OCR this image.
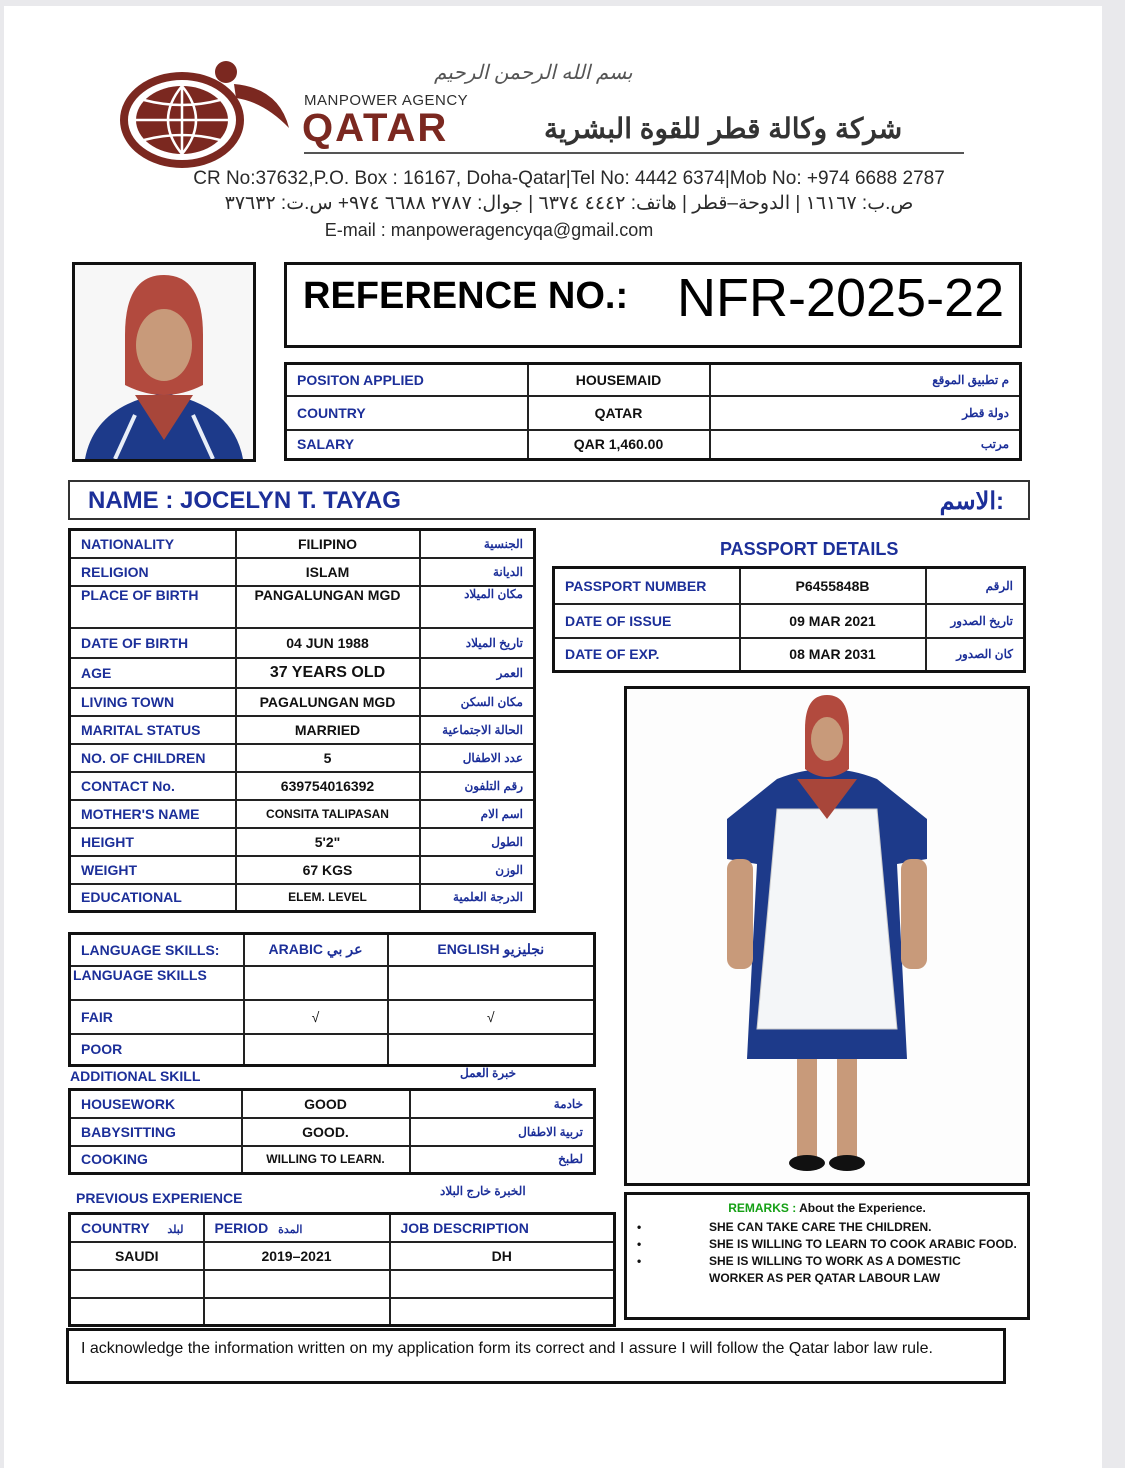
بسم الله الرحمن الرحيم
MANPOWER AGENCY
QATAR	شركة وكالة قطر للقوة البشرية
CR No:37632,P.O. Box : 16167, Doha-Qatar|Tel No: 4442 6374|Mob No: +974 6688 2787
ص.ب: ١٦١٦٧ | الدوحة–قطر | هاتف: ٤٤٤٢ ٦٣٧٤ | جوال: ٢٧٨٧ ٦٦٨٨ ٩٧٤+ س.ت: ٣٧٦٣٢
E-mail : manpoweragencyqa@gmail.com
REFERENCE NO.: NFR-2025-22
POSITON APPLIED	HOUSEMAID	م تطبيق الموقع
COUNTRY	QATAR	دولة قطر
SALARY	QAR 1,460.00	مرتب
NAME : JOCELYN T. TAYAG	الاسم:
NATIONALITY	FILIPINO	الجنسية
RELIGION	ISLAM	الديانة
PLACE OF BIRTH	PANGALUNGAN MGD	مكان الميلاد
DATE OF BIRTH	04 JUN 1988	تاريخ الميلاد
AGE	37 YEARS OLD	العمر
LIVING TOWN	PAGALUNGAN MGD	مكان السكن
MARITAL STATUS	MARRIED	الحالة الاجتماعية
NO. OF CHILDREN	5	عدد الاطفال
CONTACT No.	639754016392	رقم التلفون
MOTHER'S NAME	CONSITA TALIPASAN	اسم الام
HEIGHT	5'2"	الطول
WEIGHT	67 KGS	الوزن
EDUCATIONAL	ELEM. LEVEL	الدرجة العلمية
PASSPORT DETAILS
PASSPORT NUMBER	P6455848B	الرقم
DATE OF ISSUE	09 MAR 2021	تاريخ الصدور
DATE OF EXP.	08 MAR 2031	كان الصدور
LANGUAGE SKILLS:	ARABIC عر بي	ENGLISH نجليزيو
LANGUAGE SKILLS		
FAIR	√	√
POOR		
ADDITIONAL SKILL	خبرة العمل
HOUSEWORK	GOOD	خادمة
BABYSITTING	GOOD.	تربية الاطفال
COOKING	WILLING TO LEARN.	لطبخ
PREVIOUS EXPERIENCE	الخبرة خارج البلاد
COUNTRY لبلد	PERIOD المدة	JOB DESCRIPTION
SAUDI	2019–2021	DH

REMARKS : About the Experience.
•	SHE CAN TAKE CARE THE CHILDREN.
•	SHE IS WILLING TO LEARN TO COOK ARABIC FOOD.
•	SHE IS WILLING TO WORK AS A DOMESTIC WORKER AS PER QATAR LABOUR LAW
I acknowledge the information written on my application form its correct and I assure I will follow the Qatar labor law rule.
